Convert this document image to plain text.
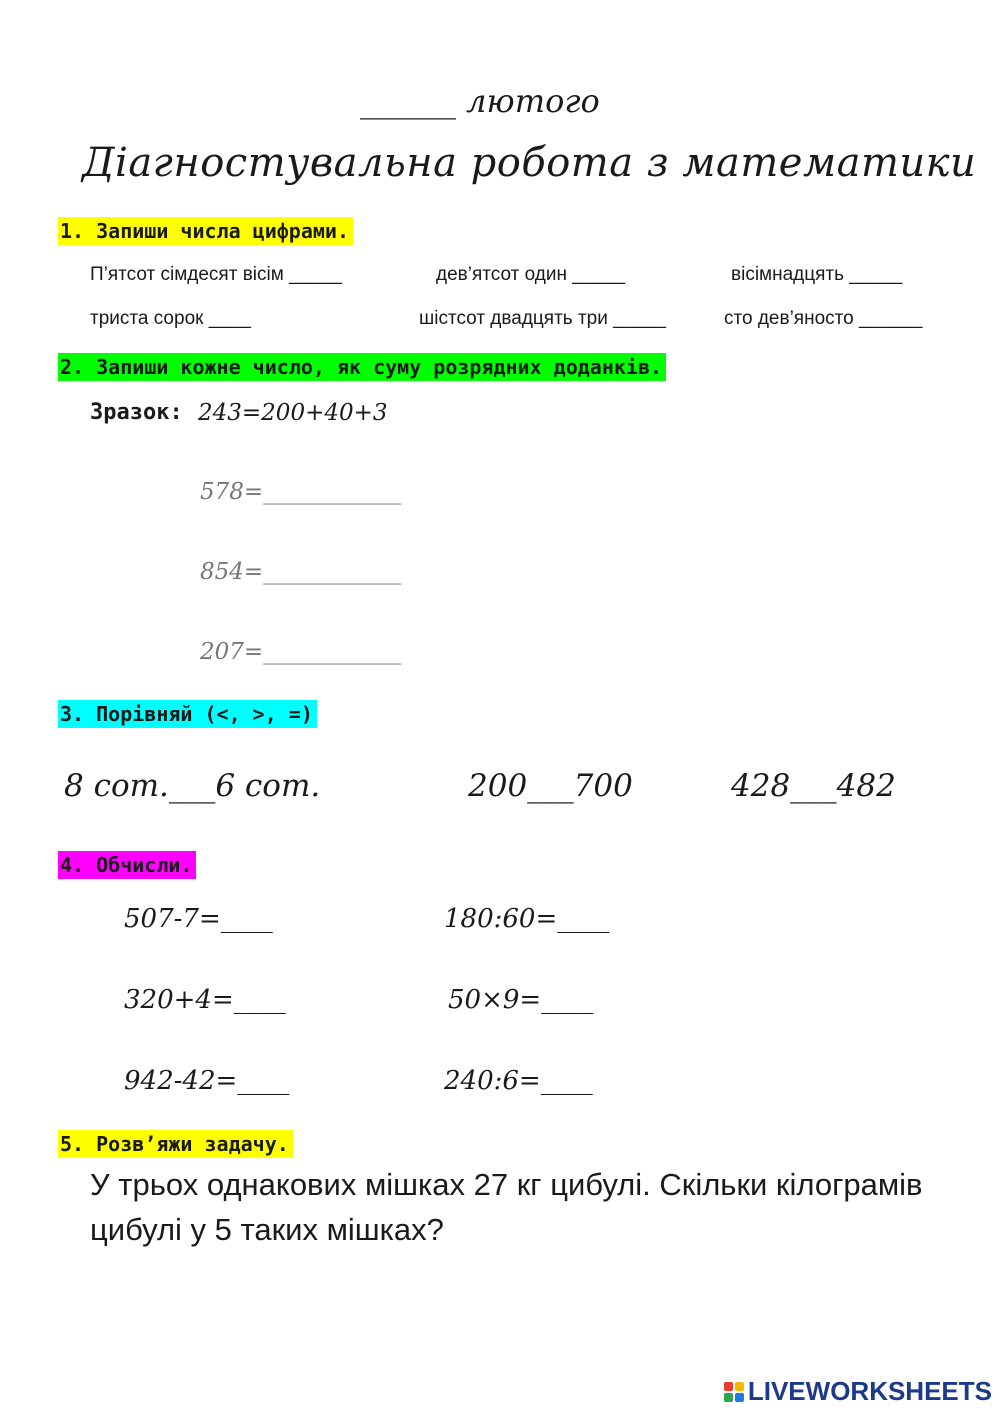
______ лютого
Діагностувальна робота з математики
1. Запиши числа цифрами.
П’ятсот сімдесят вісім _____	дев’ятсот один _____	вісімнадцять _____
триста сорок ____	шістсот двадцять три _____	сто дев’яносто ______
2. Запиши кожне число, як суму розрядних доданків.
Зразок: 243=200+40+3
578=____________
854=____________
207=____________
3. Порівняй (<, >, =)
8 сот.___6 сот.	200___700	428___482
4. Обчисли.
507-7=____	180:60=____
320+4=____	50×9=____
942-42=____	240:6=____
5. Розв’яжи задачу.
У трьох однакових мішках 27 кг цибулі. Скільки кілограмів цибулі у 5 таких мішках?
LIVEWORKSHEETS
